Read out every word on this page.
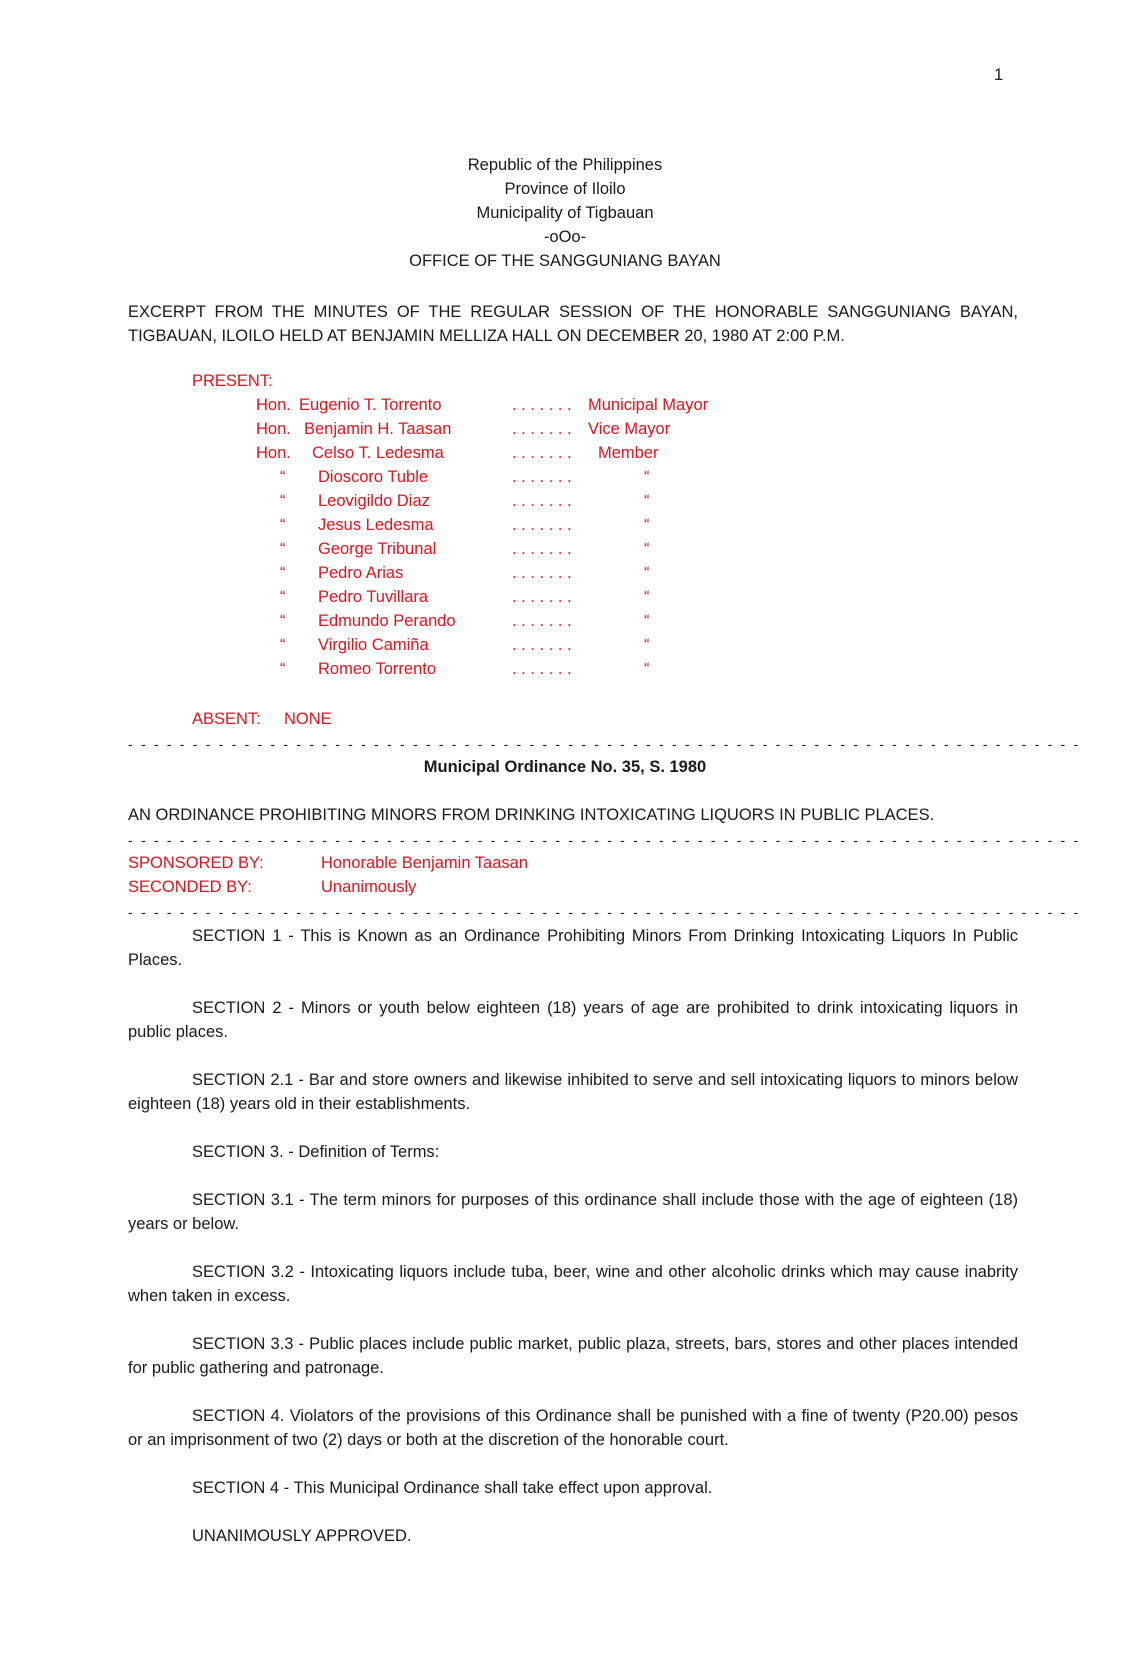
1
Republic of the Philippines
Province of Iloilo
Municipality of Tigbauan
-oOo-
OFFICE OF THE SANGGUNIANG BAYAN
EXCERPT FROM THE MINUTES OF THE REGULAR SESSION OF THE HONORABLE SANGGUNIANG BAYAN, TIGBAUAN, ILOILO HELD AT BENJAMIN MELLIZA HALL ON DECEMBER 20, 1980 AT 2:00 P.M.
PRESENT:
Hon. Eugenio T. Torrento	. . . . . . . Municipal Mayor
Hon. Benjamin H. Taasan	. . . . . . . Vice Mayor
Hon. Celso T. Ledesma	. . . . . . . Member
“ Dioscoro Tuble	. . . . . . .	“
“ Leovigildo Diaz	. . . . . . .	“
“ Jesus Ledesma	. . . . . . .	“
“ George Tribunal	. . . . . . .	“
“ Pedro Arias	. . . . . . .	“
“ Pedro Tuvillara	. . . . . . .	“
“ Edmundo Perando	. . . . . . .	“
“ Virgilio Camiña	. . . . . . .	“
“ Romeo Torrento	. . . . . . .	“
ABSENT: NONE
- - - - - - - - - - - - - - - - - - - - - - - - - - - - - - - - - - - - - - - - - - - - - - - - - - - - - - - - - - - - - - - - - - - - - - - - - -
Municipal Ordinance No. 35, S. 1980
AN ORDINANCE PROHIBITING MINORS FROM DRINKING INTOXICATING LIQUORS IN PUBLIC PLACES.
- - - - - - - - - - - - - - - - - - - - - - - - - - - - - - - - - - - - - - - - - - - - - - - - - - - - - - - - - - - - - - - - - - - - - - - - - -
SPONSORED BY:	Honorable Benjamin Taasan
SECONDED BY:	Unanimously
- - - - - - - - - - - - - - - - - - - - - - - - - - - - - - - - - - - - - - - - - - - - - - - - - - - - - - - - - - - - - - - - - - - - - - - - - -
SECTION 1 - This is Known as an Ordinance Prohibiting Minors From Drinking Intoxicating Liquors In Public Places.
SECTION 2 - Minors or youth below eighteen (18) years of age are prohibited to drink intoxicating liquors in public places.
SECTION 2.1 - Bar and store owners and likewise inhibited to serve and sell intoxicating liquors to minors below eighteen (18) years old in their establishments.
SECTION 3. - Definition of Terms:
SECTION 3.1 - The term minors for purposes of this ordinance shall include those with the age of eighteen (18) years or below.
SECTION 3.2 - Intoxicating liquors include tuba, beer, wine and other alcoholic drinks which may cause inabrity when taken in excess.
SECTION 3.3 - Public places include public market, public plaza, streets, bars, stores and other places intended for public gathering and patronage.
SECTION 4. Violators of the provisions of this Ordinance shall be punished with a fine of twenty (P20.00) pesos or an imprisonment of two (2) days or both at the discretion of the honorable court.
SECTION 4 - This Municipal Ordinance shall take effect upon approval.
UNANIMOUSLY APPROVED.
